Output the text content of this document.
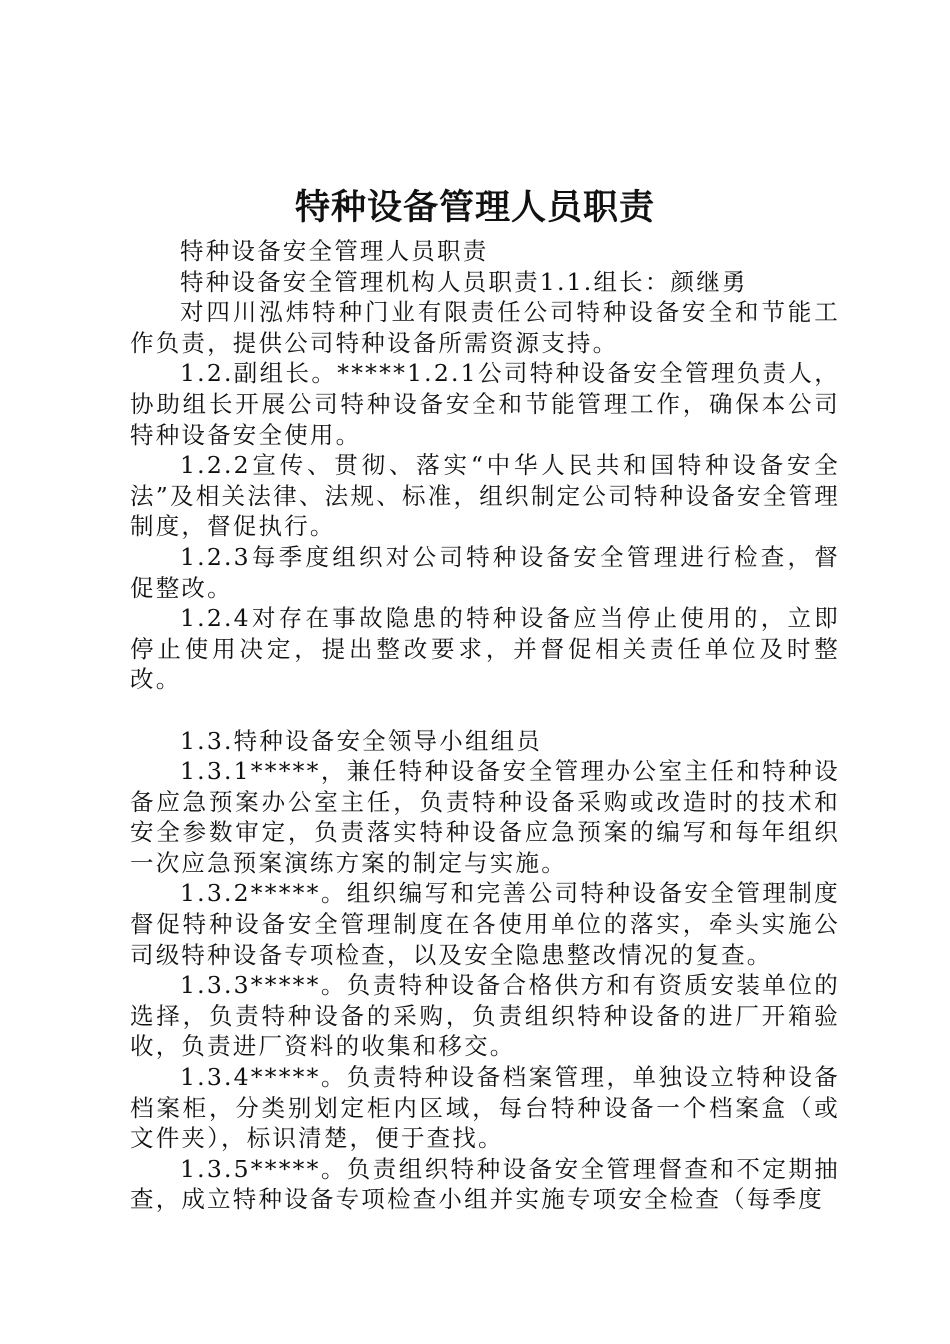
特种设备管理人员职责

特种设备安全管理人员职责

特种设备安全管理机构人员职责1.1.组长：颜继勇

对四川泓炜特种门业有限责任公司特种设备安全和节能工作负责，提供公司特种设备所需资源支持。

1.2.副组长。*****1.2.1公司特种设备安全管理负责人，协助组长开展公司特种设备安全和节能管理工作，确保本公司特种设备安全使用。

1.2.2宣传、贯彻、落实“中华人民共和国特种设备安全法”及相关法律、法规、标准，组织制定公司特种设备安全管理制度，督促执行。

1.2.3每季度组织对公司特种设备安全管理进行检查，督促整改。

1.2.4对存在事故隐患的特种设备应当停止使用的，立即停止使用决定，提出整改要求，并督促相关责任单位及时整改。

1.3.特种设备安全领导小组组员

1.3.1*****，兼任特种设备安全管理办公室主任和特种设备应急预案办公室主任，负责特种设备采购或改造时的技术和安全参数审定，负责落实特种设备应急预案的编写和每年组织一次应急预案演练方案的制定与实施。

1.3.2*****。组织编写和完善公司特种设备安全管理制度督促特种设备安全管理制度在各使用单位的落实，牵头实施公司级特种设备专项检查，以及安全隐患整改情况的复查。

1.3.3*****。负责特种设备合格供方和有资质安装单位的选择，负责特种设备的采购，负责组织特种设备的进厂开箱验收，负责进厂资料的收集和移交。

1.3.4*****。负责特种设备档案管理，单独设立特种设备档案柜，分类别划定柜内区域，每台特种设备一个档案盒（或文件夹），标识清楚，便于查找。

1.3.5*****。负责组织特种设备安全管理督查和不定期抽查，成立特种设备专项检查小组并实施专项安全检查（每季度
